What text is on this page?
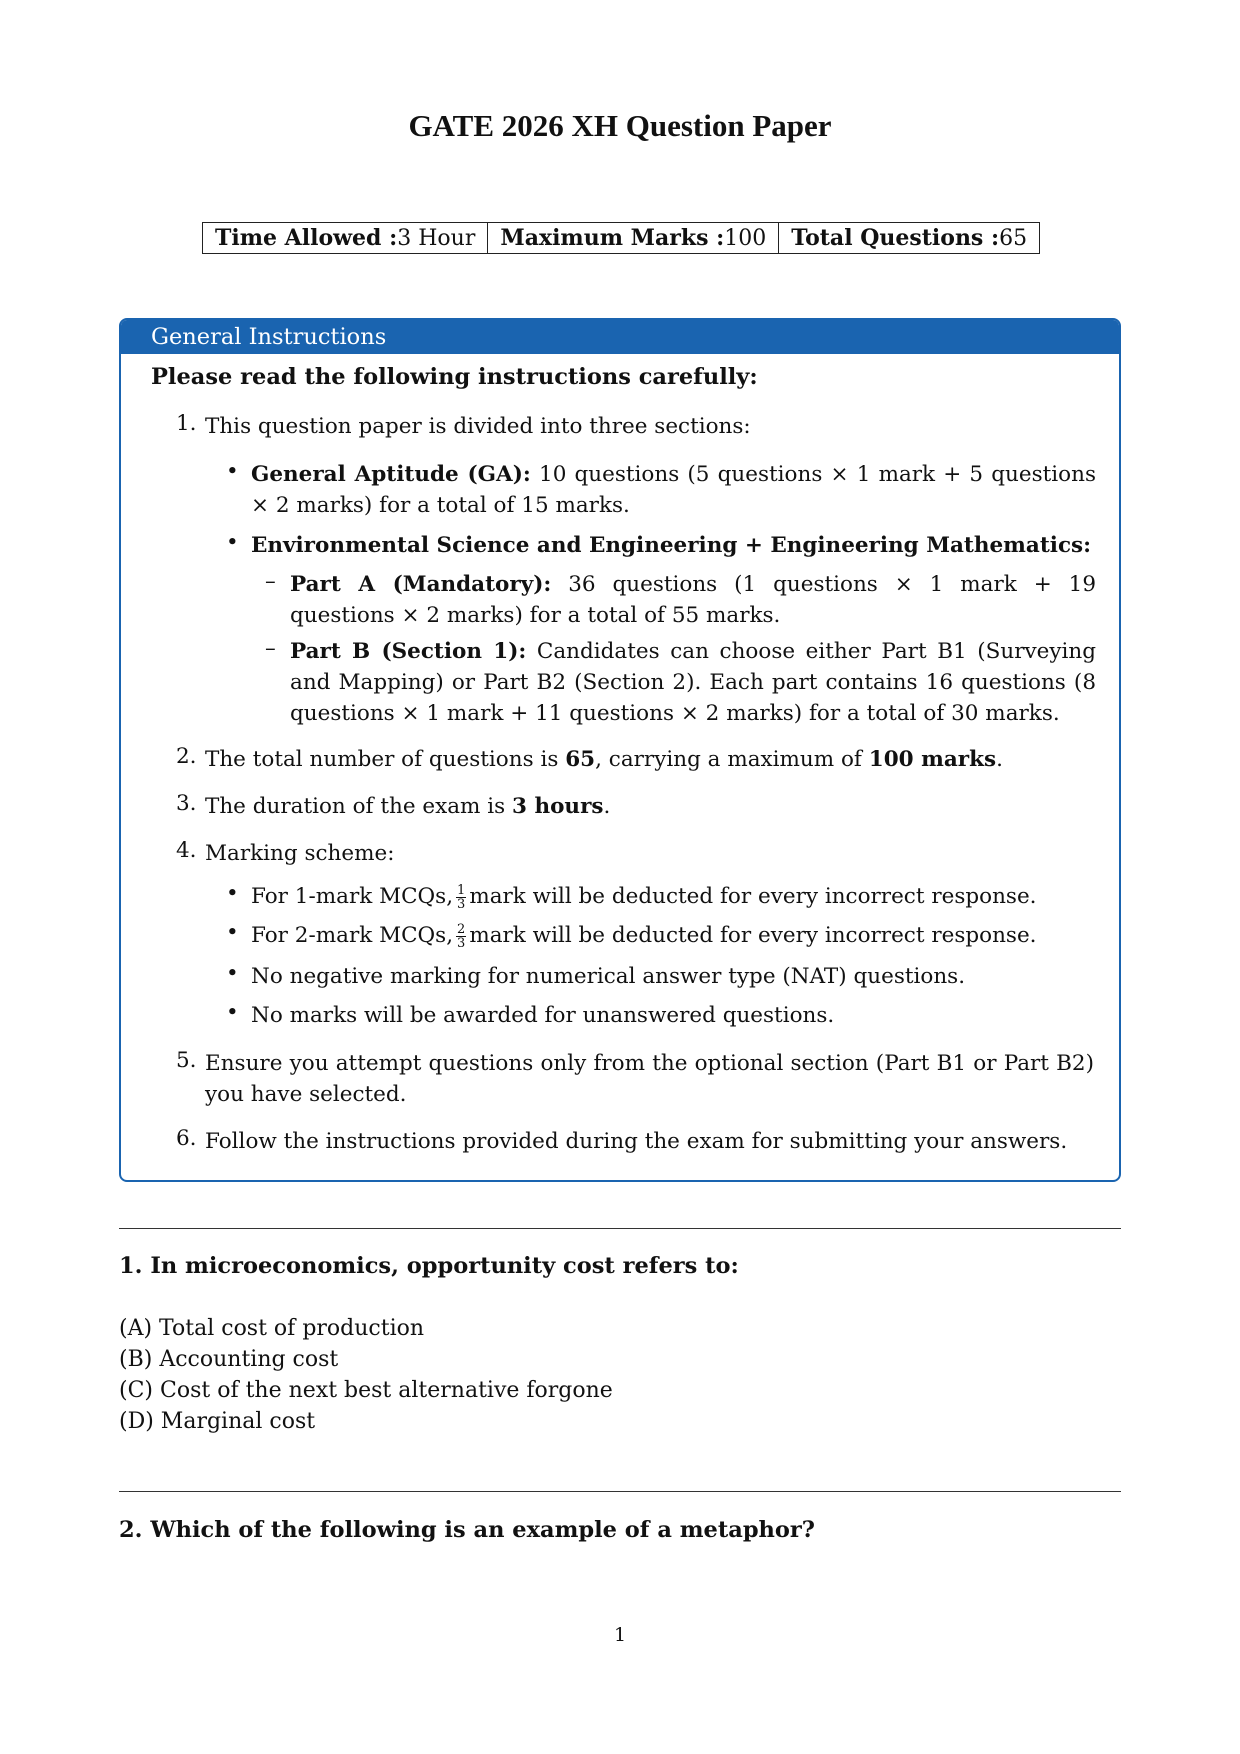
GATE 2026 XH Question Paper
Time Allowed :3 Hour	Maximum Marks :100	Total Questions :65
General Instructions
Please read the following instructions carefully:
1. This question paper is divided into three sections:
• General Aptitude (GA): 10 questions (5 questions × 1 mark + 5 questions × 2 marks) for a total of 15 marks.
• Environmental Science and Engineering + Engineering Mathematics:
– Part A (Mandatory): 36 questions (1 questions × 1 mark + 19 questions × 2 marks) for a total of 55 marks.
– Part B (Section 1): Candidates can choose either Part B1 (Surveying and Mapping) or Part B2 (Section 2). Each part contains 16 questions (8 questions × 1 mark + 11 questions × 2 marks) for a total of 30 marks.
2. The total number of questions is 65, carrying a maximum of 100 marks.
3. The duration of the exam is 3 hours.
4. Marking scheme:
• For 1-mark MCQs, $\frac{1}{3}$ mark will be deducted for every incorrect response.
• For 2-mark MCQs, $\frac{2}{3}$ mark will be deducted for every incorrect response.
• No negative marking for numerical answer type (NAT) questions.
• No marks will be awarded for unanswered questions.
5. Ensure you attempt questions only from the optional section (Part B1 or Part B2) you have selected.
6. Follow the instructions provided during the exam for submitting your answers.
1. In microeconomics, opportunity cost refers to:
(A) Total cost of production
(B) Accounting cost
(C) Cost of the next best alternative forgone
(D) Marginal cost
2. Which of the following is an example of a metaphor?
1
